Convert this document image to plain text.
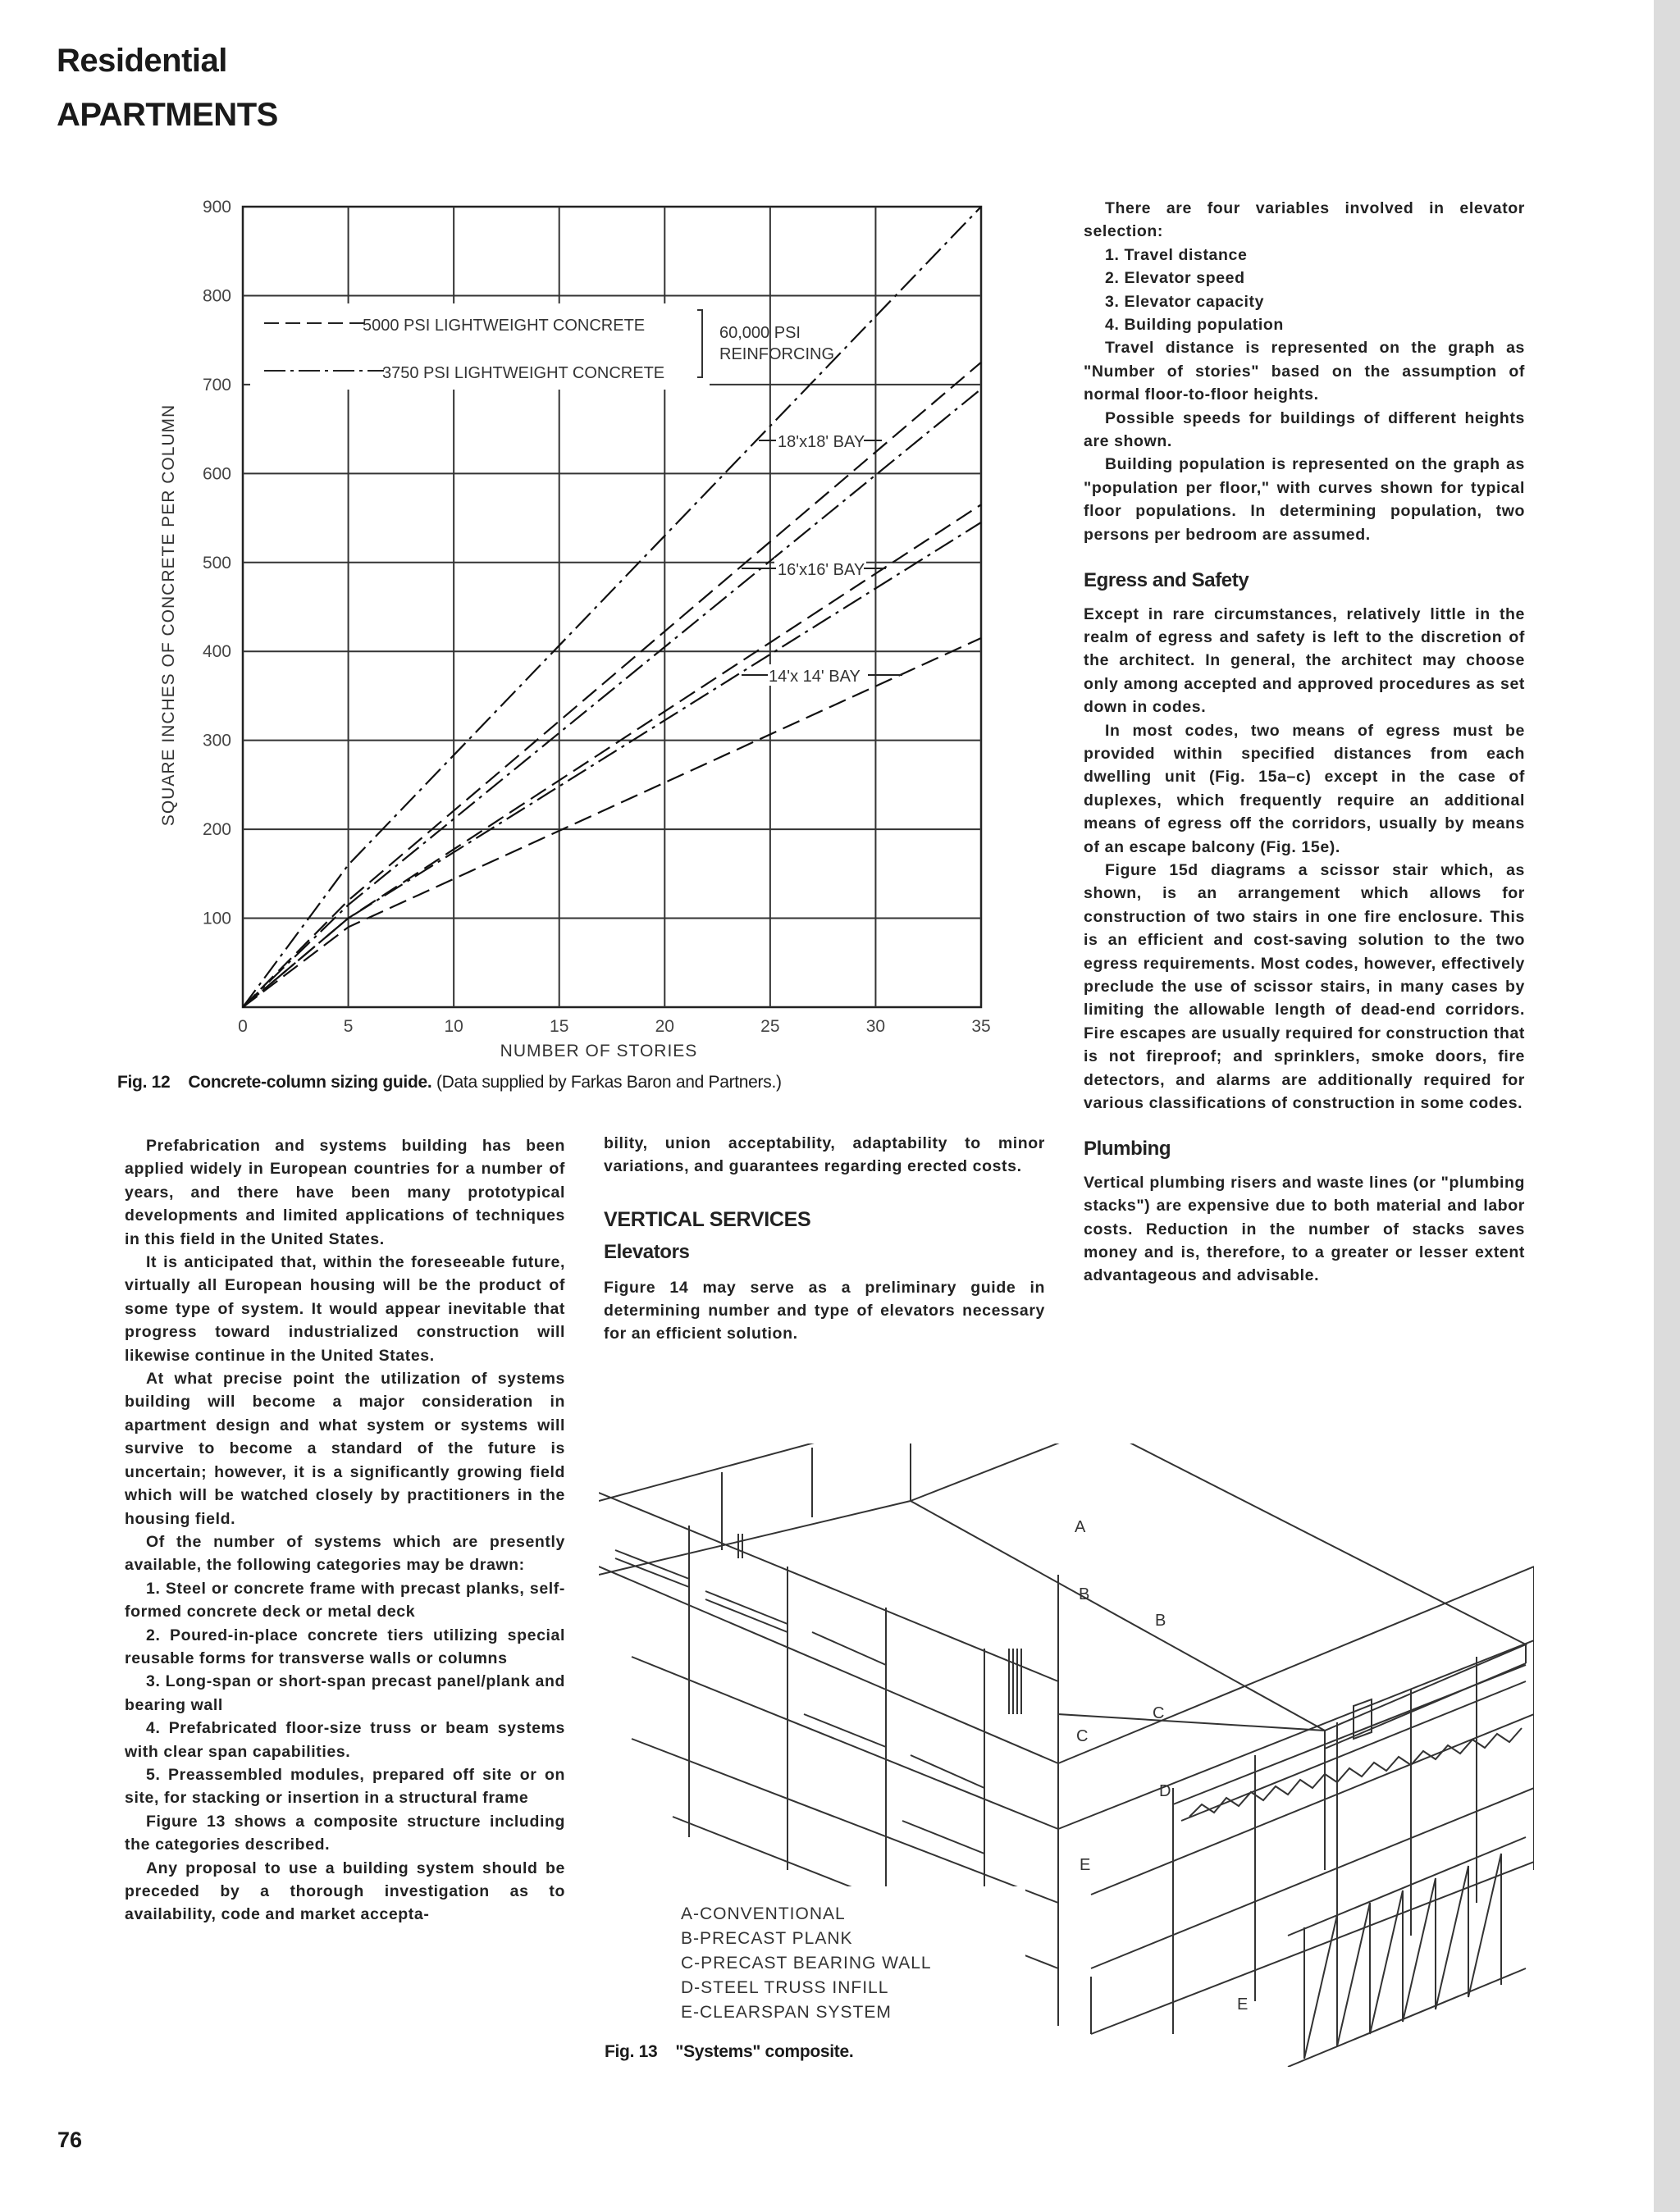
Residential
APARTMENTS
0	5	10	15	20	25	30	35
100
200
300
400
500
600
700
800
900
5000 PSI LIGHTWEIGHT CONCRETE
3750 PSI LIGHTWEIGHT CONCRETE
60,000 PSI
REINFORCING
18'x18' BAY
16'x16' BAY
14'x 14' BAY
NUMBER OF STORIES
SQUARE INCHES OF CONCRETE PER COLUMN
Fig. 12 Concrete-column sizing guide. (Data supplied by Farkas Baron and Partners.)

Prefabrication and systems building has been applied widely in European countries for a number of years, and there have been many prototypical developments and limited applications of techniques in this field in the United States.

It is anticipated that, within the foreseeable future, virtually all European housing will be the product of some type of system. It would appear inevitable that progress toward industrialized construction will likewise continue in the United States.

At what precise point the utilization of systems building will become a major consideration in apartment design and what system or systems will survive to become a standard of the future is uncertain; however, it is a significantly growing field which will be watched closely by practitioners in the housing field.

Of the number of systems which are presently available, the following categories may be drawn:

1. Steel or concrete frame with precast planks, self-formed concrete deck or metal deck

2. Poured-in-place concrete tiers utilizing special reusable forms for transverse walls or columns

3. Long-span or short-span precast panel/plank and bearing wall

4. Prefabricated floor-size truss or beam systems with clear span capabilities.

5. Preassembled modules, prepared off site or on site, for stacking or insertion in a structural frame

Figure 13 shows a composite structure including the categories described.

Any proposal to use a building system should be preceded by a thorough investigation as to availability, code and market accepta-

bility, union acceptability, adaptability to minor variations, and guarantees regarding erected costs.

VERTICAL SERVICES
Elevators

Figure 14 may serve as a preliminary guide in determining number and type of elevators necessary for an efficient solution.

There are four variables involved in elevator selection:

1. Travel distance

2. Elevator speed

3. Elevator capacity

4. Building population

Travel distance is represented on the graph as "Number of stories" based on the assumption of normal floor-to-floor heights.

Possible speeds for buildings of different heights are shown.

Building population is represented on the graph as "population per floor," with curves shown for typical floor populations. In determining population, two persons per bedroom are assumed.

Egress and Safety

Except in rare circumstances, relatively little in the realm of egress and safety is left to the discretion of the architect. In general, the architect may choose only among accepted and approved procedures as set down in codes.

In most codes, two means of egress must be provided within specified distances from each dwelling unit (Fig. 15a–c) except in the case of duplexes, which frequently require an additional means of egress off the corridors, usually by means of an escape balcony (Fig. 15e).

Figure 15d diagrams a scissor stair which, as shown, is an arrangement which allows for construction of two stairs in one fire enclosure. This is an efficient and cost-saving solution to the two egress requirements. Most codes, however, effectively preclude the use of scissor stairs, in many cases by limiting the allowable length of dead-end corridors. Fire escapes are usually required for construction that is not fireproof; and sprinklers, smoke doors, fire detectors, and alarms are additionally required for various classifications of construction in some codes.

Plumbing

Vertical plumbing risers and waste lines (or "plumbing stacks") are expensive due to both material and labor costs. Reduction in the number of stacks saves money and is, therefore, to a greater or lesser extent advantageous and advisable.

A-CONVENTIONAL
B-PRECAST PLANK
C-PRECAST BEARING WALL
D-STEEL TRUSS INFILL
E-CLEARSPAN SYSTEM
A
B
B
C
C
D
E
E
Fig. 13 "Systems" composite.
76
